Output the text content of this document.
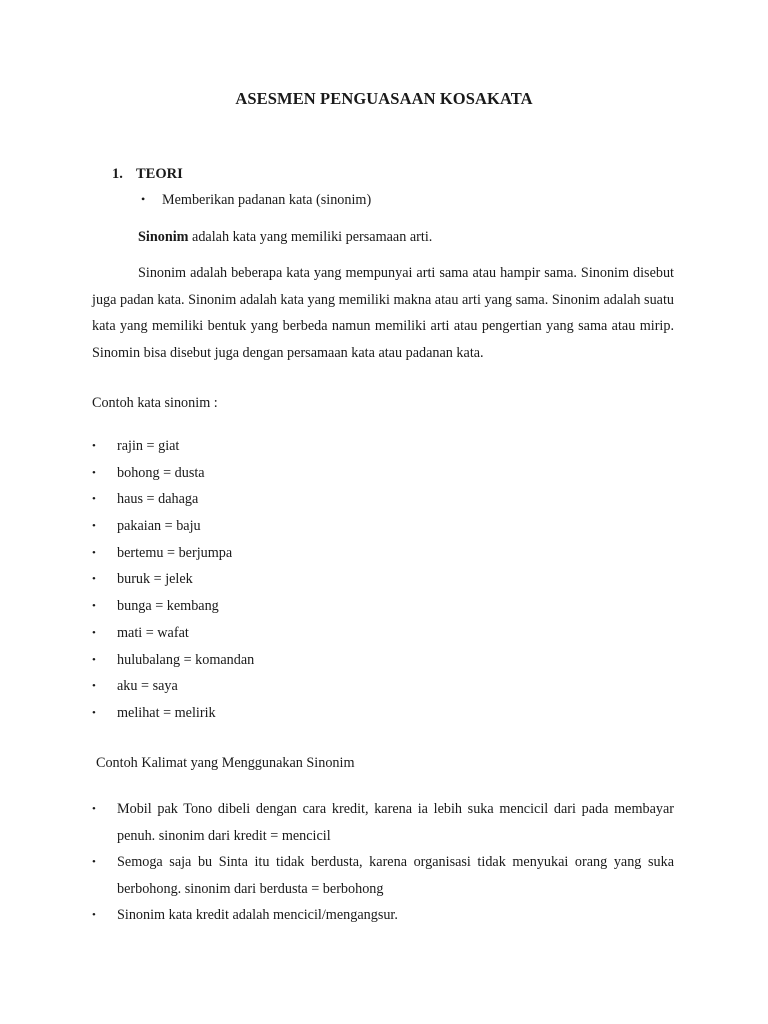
ASESMEN PENGUASAAN KOSAKATA
1. TEORI
• Memberikan padanan kata (sinonim)
Sinonim adalah kata yang memiliki persamaan arti.
Sinonim adalah beberapa kata yang mempunyai arti sama atau hampir sama. Sinonim disebut juga padan kata. Sinonim adalah kata yang memiliki makna atau arti yang sama. Sinonim adalah suatu kata yang memiliki bentuk yang berbeda namun memiliki arti atau pengertian yang sama atau mirip. Sinomin bisa disebut juga dengan persamaan kata atau padanan kata.
Contoh kata sinonim :
• rajin = giat
• bohong = dusta
• haus = dahaga
• pakaian = baju
• bertemu = berjumpa
• buruk = jelek
• bunga = kembang
• mati = wafat
• hulubalang = komandan
• aku = saya
• melihat = melirik
Contoh Kalimat yang Menggunakan Sinonim
• Mobil pak Tono dibeli dengan cara kredit, karena ia lebih suka mencicil dari pada membayar penuh. sinonim dari kredit = mencicil
• Semoga saja bu Sinta itu tidak berdusta, karena organisasi tidak menyukai orang yang suka berbohong. sinonim dari berdusta = berbohong
• Sinonim kata kredit adalah mencicil/mengangsur.
